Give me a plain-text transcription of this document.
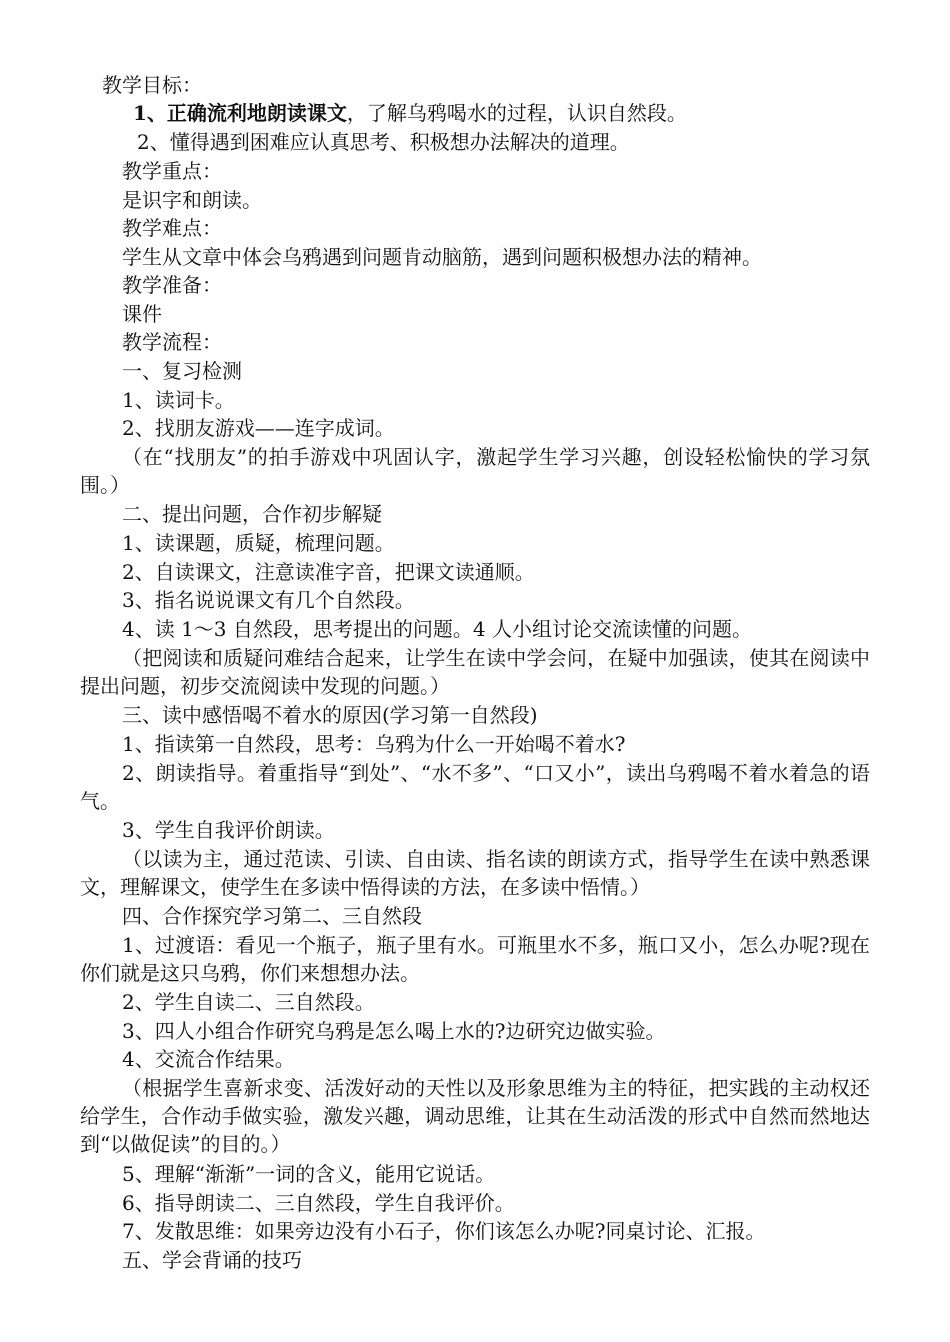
教学目标：
1、正确流利地朗读课文，了解乌鸦喝水的过程，认识自然段。
2、懂得遇到困难应认真思考、积极想办法解决的道理。
教学重点：
是识字和朗读。
教学难点：
学生从文章中体会乌鸦遇到问题肯动脑筋，遇到问题积极想办法的精神。
教学准备：
课件
教学流程：
一、复习检测
1、读词卡。
2、找朋友游戏——连字成词。
（在“找朋友”的拍手游戏中巩固认字，激起学生学习兴趣，创设轻松愉快的学习氛围。）
二、提出问题，合作初步解疑
1、读课题，质疑，梳理问题。
2、自读课文，注意读准字音，把课文读通顺。
3、指名说说课文有几个自然段。
4、读 1～3 自然段，思考提出的问题。4 人小组讨论交流读懂的问题。
（把阅读和质疑问难结合起来，让学生在读中学会问，在疑中加强读，使其在阅读中提出问题，初步交流阅读中发现的问题。）
三、读中感悟喝不着水的原因(学习第一自然段)
1、指读第一自然段，思考：乌鸦为什么一开始喝不着水?
2、朗读指导。着重指导“到处”、“水不多”、“口又小”，读出乌鸦喝不着水着急的语气。
3、学生自我评价朗读。
（以读为主，通过范读、引读、自由读、指名读的朗读方式，指导学生在读中熟悉课文，理解课文，使学生在多读中悟得读的方法，在多读中悟情。）
四、合作探究学习第二、三自然段
1、过渡语：看见一个瓶子，瓶子里有水。可瓶里水不多，瓶口又小，怎么办呢?现在你们就是这只乌鸦，你们来想想办法。
2、学生自读二、三自然段。
3、四人小组合作研究乌鸦是怎么喝上水的?边研究边做实验。
4、交流合作结果。
（根据学生喜新求变、活泼好动的天性以及形象思维为主的特征，把实践的主动权还给学生，合作动手做实验，激发兴趣，调动思维，让其在生动活泼的形式中自然而然地达到“以做促读”的目的。）
5、理解“渐渐”一词的含义，能用它说话。
6、指导朗读二、三自然段，学生自我评价。
7、发散思维：如果旁边没有小石子，你们该怎么办呢?同桌讨论、汇报。
五、学会背诵的技巧
